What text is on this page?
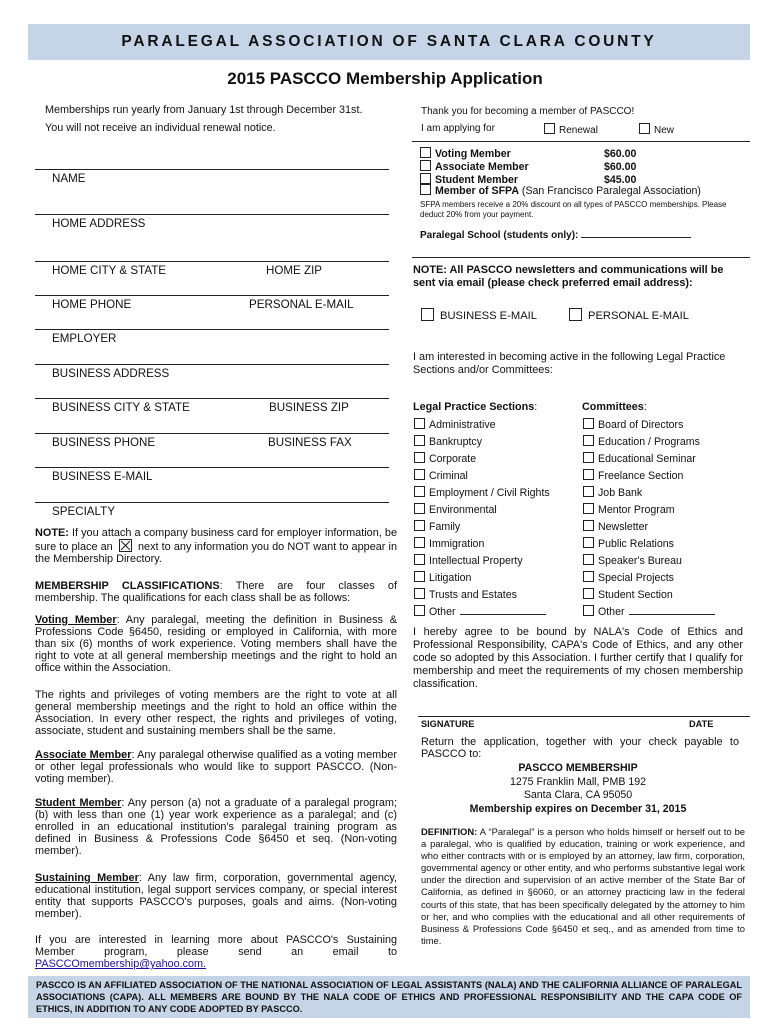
PARALEGAL ASSOCIATION OF SANTA CLARA COUNTY
2015 PASCCO Membership Application
Memberships run yearly from January 1st through December 31st.
You will not receive an individual renewal notice.
NAME
HOME ADDRESS
HOME CITY & STATE	HOME ZIP
HOME PHONE	PERSONAL E-MAIL
EMPLOYER
BUSINESS ADDRESS
BUSINESS CITY & STATE	BUSINESS ZIP
BUSINESS PHONE	BUSINESS FAX
BUSINESS E-MAIL
SPECIALTY
NOTE: If you attach a company business card for employer information, be sure to place an next to any information you do NOT want to appear in the Membership Directory.
MEMBERSHIP CLASSIFICATIONS: There are four classes of membership. The qualifications for each class shall be as follows:
Voting Member: Any paralegal, meeting the definition in Business & Professions Code §6450, residing or employed in California, with more than six (6) months of work experience. Voting members shall have the right to vote at all general membership meetings and the right to hold an office within the Association.
The rights and privileges of voting members are the right to vote at all general membership meetings and the right to hold an office within the Association. In every other respect, the rights and privileges of voting, associate, student and sustaining members shall be the same.
Associate Member: Any paralegal otherwise qualified as a voting member or other legal professionals who would like to support PASCCO. (Non-voting member).
Student Member: Any person (a) not a graduate of a paralegal program; (b) with less than one (1) year work experience as a paralegal; and (c) enrolled in an educational institution's paralegal training program as defined in Business & Professions Code §6450 et seq. (Non-voting member).
Sustaining Member: Any law firm, corporation, governmental agency, educational institution, legal support services company, or special interest entity that supports PASCCO's purposes, goals and aims. (Non-voting member).
If you are interested in learning more about PASCCO's Sustaining
Member program, please send an email to
PASCCOmembership@yahoo.com.
Thank you for becoming a member of PASCCO!
I am applying for	Renewal	New
Voting Member	$60.00
Associate Member	$60.00
Student Member	$45.00
Member of SFPA (San Francisco Paralegal Association)
SFPA members receive a 20% discount on all types of PASCCO memberships. Please deduct 20% from your payment.
Paralegal School (students only):
NOTE: All PASCCO newsletters and communications will be sent via email (please check preferred email address):
BUSINESS E-MAIL	PERSONAL E-MAIL
I am interested in becoming active in the following Legal Practice Sections and/or Committees:
Legal Practice Sections:	Committees:
Administrative
Bankruptcy
Corporate
Criminal
Employment / Civil Rights
Environmental
Family
Immigration
Intellectual Property
Litigation
Trusts and Estates
Other
Board of Directors
Education / Programs
Educational Seminar
Freelance Section
Job Bank
Mentor Program
Newsletter
Public Relations
Speaker's Bureau
Special Projects
Student Section
Other
I hereby agree to be bound by NALA's Code of Ethics and Professional Responsibility, CAPA's Code of Ethics, and any other code so adopted by this Association. I further certify that I qualify for membership and meet the requirements of my chosen membership classification.
SIGNATURE	DATE
Return the application, together with your check payable to PASCCO to:
PASCCO MEMBERSHIP
1275 Franklin Mall, PMB 192
Santa Clara, CA 95050
Membership expires on December 31, 2015
DEFINITION: A “Paralegal” is a person who holds himself or herself out to be a paralegal, who is qualified by education, training or work experience, and who either contracts with or is employed by an attorney, law firm, corporation, governmental agency or other entity, and who performs substantive legal work under the direction and supervision of an active member of the State Bar of California, as defined in §6060, or an attorney practicing law in the federal courts of this state, that has been specifically delegated by the attorney to him or her, and who complies with the educational and all other requirements of Business & Professions Code §6450 et seq., and as amended from time to time.
PASCCO IS AN AFFILIATED ASSOCIATION OF THE NATIONAL ASSOCIATION OF LEGAL ASSISTANTS (NALA) AND THE CALIFORNIA ALLIANCE OF PARALEGAL ASSOCIATIONS (CAPA). ALL MEMBERS ARE BOUND BY THE NALA CODE OF ETHICS AND PROFESSIONAL RESPONSIBILITY AND THE CAPA CODE OF ETHICS, IN ADDITION TO ANY CODE ADOPTED BY PASCCO.
